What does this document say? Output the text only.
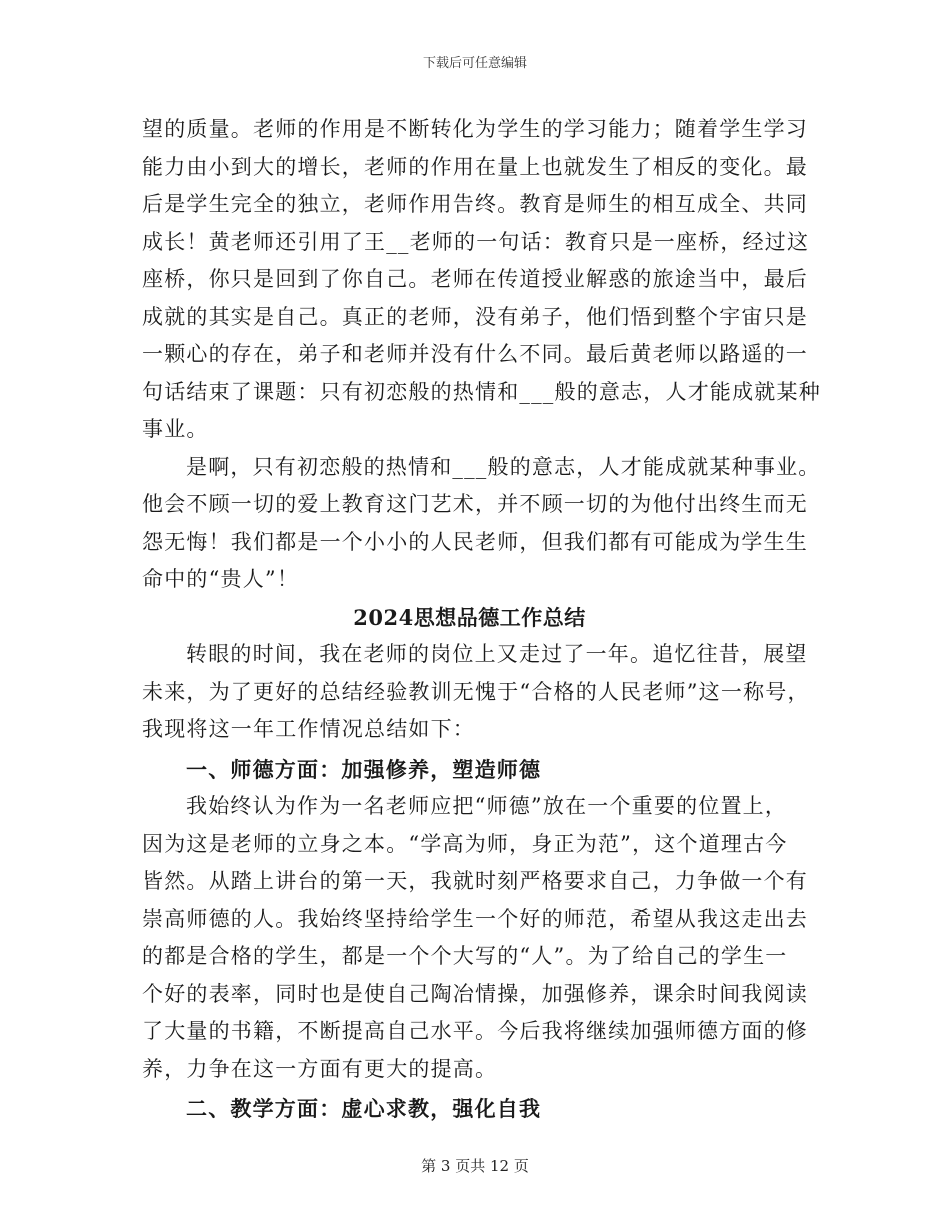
下载后可任意编辑
望的质量。老师的作用是不断转化为学生的学习能力；随着学生学习
能力由小到大的增长，老师的作用在量上也就发生了相反的变化。最
后是学生完全的独立，老师作用告终。教育是师生的相互成全、共同
成长！黄老师还引用了王__老师的一句话：教育只是一座桥，经过这
座桥，你只是回到了你自己。老师在传道授业解惑的旅途当中，最后
成就的其实是自己。真正的老师，没有弟子，他们悟到整个宇宙只是
一颗心的存在，弟子和老师并没有什么不同。最后黄老师以路遥的一
句话结束了课题：只有初恋般的热情和___般的意志，人才能成就某种
事业。
是啊，只有初恋般的热情和___般的意志，人才能成就某种事业。
他会不顾一切的爱上教育这门艺术，并不顾一切的为他付出终生而无
怨无悔！我们都是一个小小的人民老师，但我们都有可能成为学生生
命中的“贵人”！
2024思想品德工作总结
转眼的时间，我在老师的岗位上又走过了一年。追忆往昔，展望
未来，为了更好的总结经验教训无愧于“合格的人民老师”这一称号，
我现将这一年工作情况总结如下：
一、师德方面：加强修养，塑造师德
我始终认为作为一名老师应把“师德”放在一个重要的位置上，
因为这是老师的立身之本。“学高为师，身正为范”，这个道理古今
皆然。从踏上讲台的第一天，我就时刻严格要求自己，力争做一个有
崇高师德的人。我始终坚持给学生一个好的师范，希望从我这走出去
的都是合格的学生，都是一个个大写的“人”。为了给自己的学生一
个好的表率，同时也是使自己陶冶情操，加强修养，课余时间我阅读
了大量的书籍，不断提高自己水平。今后我将继续加强师德方面的修
养，力争在这一方面有更大的提高。
二、教学方面：虚心求教，强化自我
第 3 页共 12 页
